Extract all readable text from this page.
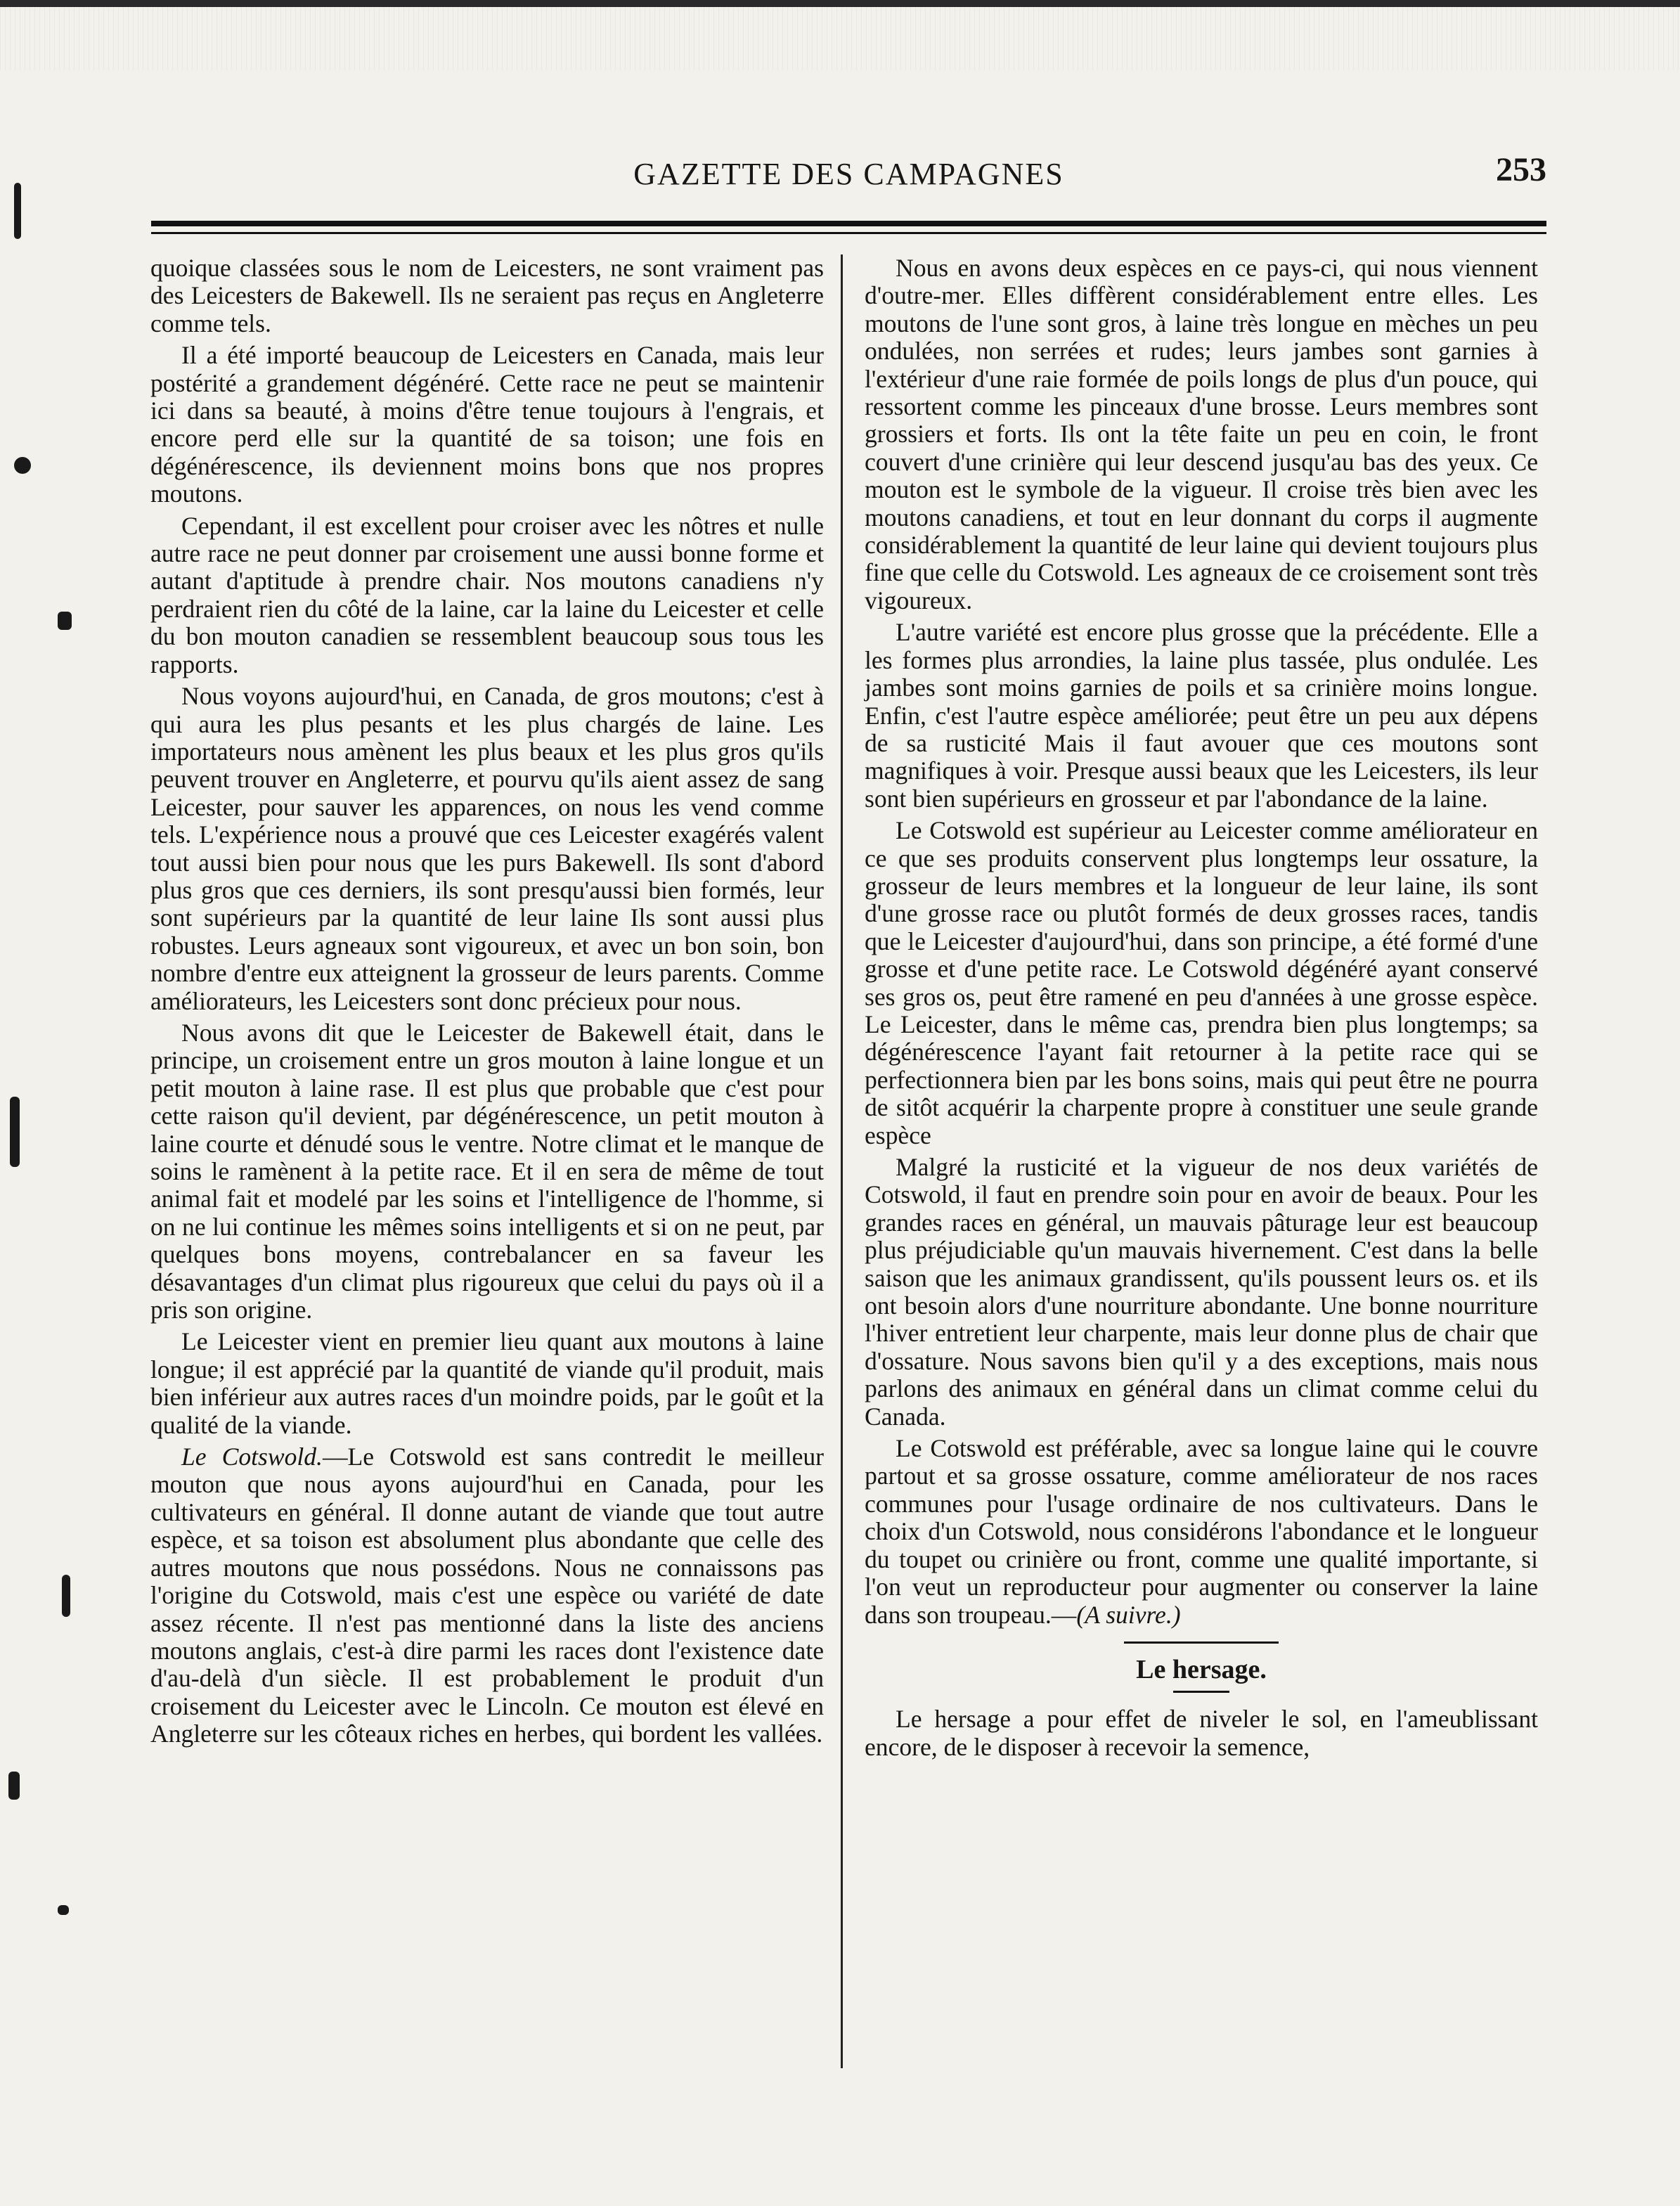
GAZETTE DES CAMPAGNES	253

quoique classées sous le nom de Leicesters, ne sont vraiment pas des Leicesters de Bakewell. Ils ne seraient pas reçus en Angleterre comme tels.

Il a été importé beaucoup de Leicesters en Canada, mais leur postérité a grandement dégénéré. Cette race ne peut se maintenir ici dans sa beauté, à moins d'être tenue toujours à l'engrais, et encore perd elle sur la quantité de sa toison; une fois en dégénérescence, ils deviennent moins bons que nos propres moutons.

Cependant, il est excellent pour croiser avec les nôtres et nulle autre race ne peut donner par croisement une aussi bonne forme et autant d'aptitude à prendre chair. Nos moutons canadiens n'y perdraient rien du côté de la laine, car la laine du Leicester et celle du bon mouton canadien se ressemblent beaucoup sous tous les rapports.

Nous voyons aujourd'hui, en Canada, de gros moutons; c'est à qui aura les plus pesants et les plus chargés de laine. Les importateurs nous amènent les plus beaux et les plus gros qu'ils peuvent trouver en Angleterre, et pourvu qu'ils aient assez de sang Leicester, pour sauver les apparences, on nous les vend comme tels. L'expérience nous a prouvé que ces Leicester exagérés valent tout aussi bien pour nous que les purs Bakewell. Ils sont d'abord plus gros que ces derniers, ils sont presqu'aussi bien formés, leur sont supérieurs par la quantité de leur laine Ils sont aussi plus robustes. Leurs agneaux sont vigoureux, et avec un bon soin, bon nombre d'entre eux atteignent la grosseur de leurs parents. Comme améliorateurs, les Leicesters sont donc précieux pour nous.

Nous avons dit que le Leicester de Bakewell était, dans le principe, un croisement entre un gros mouton à laine longue et un petit mouton à laine rase. Il est plus que probable que c'est pour cette raison qu'il devient, par dégénérescence, un petit mouton à laine courte et dénudé sous le ventre. Notre climat et le manque de soins le ramènent à la petite race. Et il en sera de même de tout animal fait et modelé par les soins et l'intelligence de l'homme, si on ne lui continue les mêmes soins intelligents et si on ne peut, par quelques bons moyens, contrebalancer en sa faveur les désavantages d'un climat plus rigoureux que celui du pays où il a pris son origine.

Le Leicester vient en premier lieu quant aux moutons à laine longue; il est apprécié par la quantité de viande qu'il produit, mais bien inférieur aux autres races d'un moindre poids, par le goût et la qualité de la viande.

Le Cotswold.—Le Cotswold est sans contredit le meilleur mouton que nous ayons aujourd'hui en Canada, pour les cultivateurs en général. Il donne autant de viande que tout autre espèce, et sa toison est absolument plus abondante que celle des autres moutons que nous possédons. Nous ne connaissons pas l'origine du Cotswold, mais c'est une espèce ou variété de date assez récente. Il n'est pas mentionné dans la liste des anciens moutons anglais, c'est-à dire parmi les races dont l'existence date d'au-delà d'un siècle. Il est probablement le produit d'un croisement du Leicester avec le Lincoln. Ce mouton est élevé en Angleterre sur les côteaux riches en herbes, qui bordent les vallées.

Nous en avons deux espèces en ce pays-ci, qui nous viennent d'outre-mer. Elles diffèrent considérablement entre elles. Les moutons de l'une sont gros, à laine très longue en mèches un peu ondulées, non serrées et rudes; leurs jambes sont garnies à l'extérieur d'une raie formée de poils longs de plus d'un pouce, qui ressortent comme les pinceaux d'une brosse. Leurs membres sont grossiers et forts. Ils ont la tête faite un peu en coin, le front couvert d'une crinière qui leur descend jusqu'au bas des yeux. Ce mouton est le symbole de la vigueur. Il croise très bien avec les moutons canadiens, et tout en leur donnant du corps il augmente considérablement la quantité de leur laine qui devient toujours plus fine que celle du Cotswold. Les agneaux de ce croisement sont très vigoureux.

L'autre variété est encore plus grosse que la précédente. Elle a les formes plus arrondies, la laine plus tassée, plus ondulée. Les jambes sont moins garnies de poils et sa crinière moins longue. Enfin, c'est l'autre espèce améliorée; peut être un peu aux dépens de sa rusticité Mais il faut avouer que ces moutons sont magnifiques à voir. Presque aussi beaux que les Leicesters, ils leur sont bien supérieurs en grosseur et par l'abondance de la laine.

Le Cotswold est supérieur au Leicester comme améliorateur en ce que ses produits conservent plus longtemps leur ossature, la grosseur de leurs membres et la longueur de leur laine, ils sont d'une grosse race ou plutôt formés de deux grosses races, tandis que le Leicester d'aujourd'hui, dans son principe, a été formé d'une grosse et d'une petite race. Le Cotswold dégénéré ayant conservé ses gros os, peut être ramené en peu d'années à une grosse espèce. Le Leicester, dans le même cas, prendra bien plus longtemps; sa dégénérescence l'ayant fait retourner à la petite race qui se perfectionnera bien par les bons soins, mais qui peut être ne pourra de sitôt acquérir la charpente propre à constituer une seule grande espèce

Malgré la rusticité et la vigueur de nos deux variétés de Cotswold, il faut en prendre soin pour en avoir de beaux. Pour les grandes races en général, un mauvais pâturage leur est beaucoup plus préjudiciable qu'un mauvais hivernement. C'est dans la belle saison que les animaux grandissent, qu'ils poussent leurs os. et ils ont besoin alors d'une nourriture abondante. Une bonne nourriture l'hiver entretient leur charpente, mais leur donne plus de chair que d'ossature. Nous savons bien qu'il y a des exceptions, mais nous parlons des animaux en général dans un climat comme celui du Canada.

Le Cotswold est préférable, avec sa longue laine qui le couvre partout et sa grosse ossature, comme améliorateur de nos races communes pour l'usage ordinaire de nos cultivateurs. Dans le choix d'un Cotswold, nous considérons l'abondance et le longueur du toupet ou crinière ou front, comme une qualité importante, si l'on veut un reproducteur pour augmenter ou conserver la laine dans son troupeau.—(A suivre.)

Le hersage.

Le hersage a pour effet de niveler le sol, en l'ameublissant encore, de le disposer à recevoir la semence,
